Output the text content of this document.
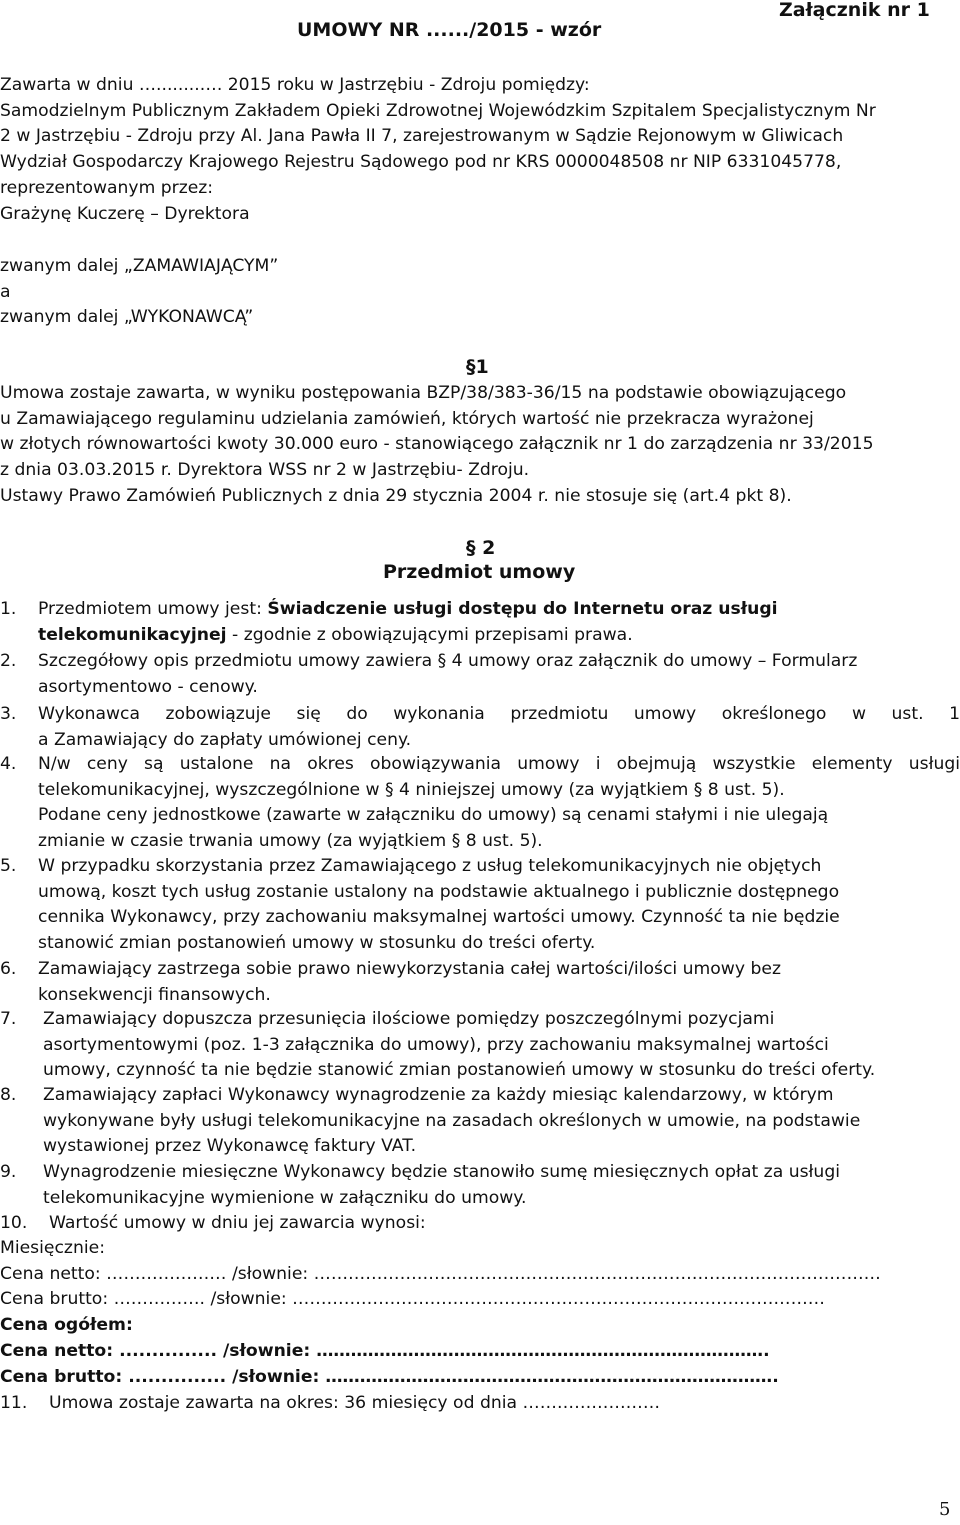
UMOWY NR ....../2015 - wzór
Załącznik nr 1
Zawarta w dniu …........…. 2015 roku w Jastrzębiu - Zdroju pomiędzy:
Samodzielnym Publicznym Zakładem Opieki Zdrowotnej Wojewódzkim Szpitalem Specjalistycznym Nr
2 w Jastrzębiu - Zdroju przy Al. Jana Pawła II 7, zarejestrowanym w Sądzie Rejonowym w Gliwicach
Wydział Gospodarczy Krajowego Rejestru Sądowego pod nr KRS 0000048508 nr NIP 6331045778,
reprezentowanym przez:
Grażynę Kuczerę – Dyrektora
zwanym dalej „ZAMAWIAJĄCYM”
a
zwanym dalej „WYKONAWCĄ”
§1
Umowa zostaje zawarta, w wyniku postępowania BZP/38/383-36/15 na podstawie obowiązującego
u Zamawiającego regulaminu udzielania zamówień, których wartość nie przekracza wyrażonej
w złotych równowartości kwoty 30.000 euro - stanowiącego załącznik nr 1 do zarządzenia nr 33/2015
z dnia 03.03.2015 r. Dyrektora WSS nr 2 w Jastrzębiu- Zdroju.
Ustawy Prawo Zamówień Publicznych z dnia 29 stycznia 2004 r. nie stosuje się (art.4 pkt 8).
§ 2
Przedmiot umowy
1. Przedmiotem umowy jest: Świadczenie usługi dostępu do Internetu oraz usługi
telekomunikacyjnej - zgodnie z obowiązującymi przepisami prawa.
2. Szczegółowy opis przedmiotu umowy zawiera § 4 umowy oraz załącznik do umowy – Formularz
asortymentowo - cenowy.
3. Wykonawca zobowiązuje się do wykonania przedmiotu umowy określonego w ust. 1
a Zamawiający do zapłaty umówionej ceny.
4. N/w ceny są ustalone na okres obowiązywania umowy i obejmują wszystkie elementy usługi
telekomunikacyjnej, wyszczególnione w § 4 niniejszej umowy (za wyjątkiem § 8 ust. 5).
Podane ceny jednostkowe (zawarte w załączniku do umowy) są cenami stałymi i nie ulegają
zmianie w czasie trwania umowy (za wyjątkiem § 8 ust. 5).
5. W przypadku skorzystania przez Zamawiającego z usług telekomunikacyjnych nie objętych
umową, koszt tych usług zostanie ustalony na podstawie aktualnego i publicznie dostępnego
cennika Wykonawcy, przy zachowaniu maksymalnej wartości umowy. Czynność ta nie będzie
stanowić zmian postanowień umowy w stosunku do treści oferty.
6. Zamawiający zastrzega sobie prawo niewykorzystania całej wartości/ilości umowy bez
konsekwencji finansowych.
7. Zamawiający dopuszcza przesunięcia ilościowe pomiędzy poszczególnymi pozycjami
asortymentowymi (poz. 1-3 załącznika do umowy), przy zachowaniu maksymalnej wartości
umowy, czynność ta nie będzie stanowić zmian postanowień umowy w stosunku do treści oferty.
8. Zamawiający zapłaci Wykonawcy wynagrodzenie za każdy miesiąc kalendarzowy, w którym
wykonywane były usługi telekomunikacyjne na zasadach określonych w umowie, na podstawie
wystawionej przez Wykonawcę faktury VAT.
9. Wynagrodzenie miesięczne Wykonawcy będzie stanowiło sumę miesięcznych opłat za usługi
telekomunikacyjne wymienione w załączniku do umowy.
10. Wartość umowy w dniu jej zawarcia wynosi:
Miesięcznie:
Cena netto: ………………… /słownie: ………………………………………………………………………………………
Cena brutto: ……………. /słownie: …………………………………………………………………………………
Cena ogółem:
Cena netto: ............... /słownie: …………………………………………………………………….
Cena brutto: ............... /słownie: …………………………………………………………………….
11. Umowa zostaje zawarta na okres: 36 miesięcy od dnia ……………………
5
